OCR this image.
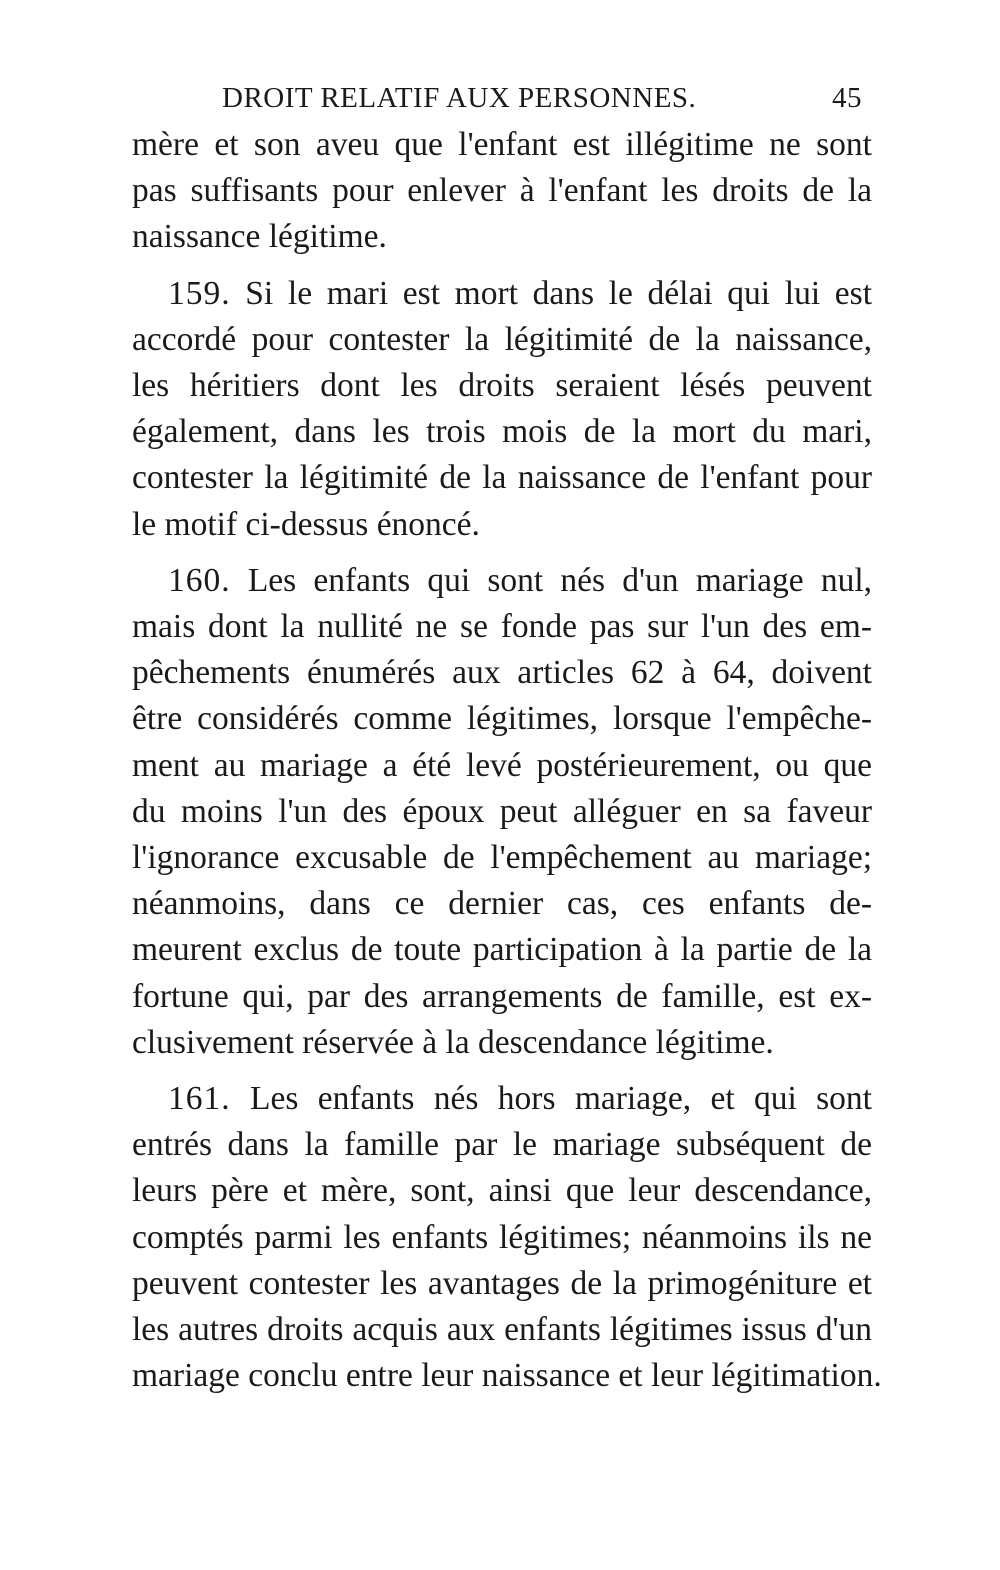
DROIT RELATIF AUX PERSONNES.	45
mère et son aveu que l'enfant est illégitime ne sont
pas suffisants pour enlever à l'enfant les droits de la
naissance légitime.
159. Si le mari est mort dans le délai qui lui est
accordé pour contester la légitimité de la naissance,
les héritiers dont les droits seraient lésés peuvent
également, dans les trois mois de la mort du mari,
contester la légitimité de la naissance de l'enfant pour
le motif ci-dessus énoncé.
160. Les enfants qui sont nés d'un mariage nul,
mais dont la nullité ne se fonde pas sur l'un des em-
pêchements énumérés aux articles 62 à 64, doivent
être considérés comme légitimes, lorsque l'empêche-
ment au mariage a été levé postérieurement, ou que
du moins l'un des époux peut alléguer en sa faveur
l'ignorance excusable de l'empêchement au mariage;
néanmoins, dans ce dernier cas, ces enfants de-
meurent exclus de toute participation à la partie de la
fortune qui, par des arrangements de famille, est ex-
clusivement réservée à la descendance légitime.
161. Les enfants nés hors mariage, et qui sont
entrés dans la famille par le mariage subséquent de
leurs père et mère, sont, ainsi que leur descendance,
comptés parmi les enfants légitimes; néanmoins ils ne
peuvent contester les avantages de la primogéniture et
les autres droits acquis aux enfants légitimes issus d'un
mariage conclu entre leur naissance et leur légitimation.
